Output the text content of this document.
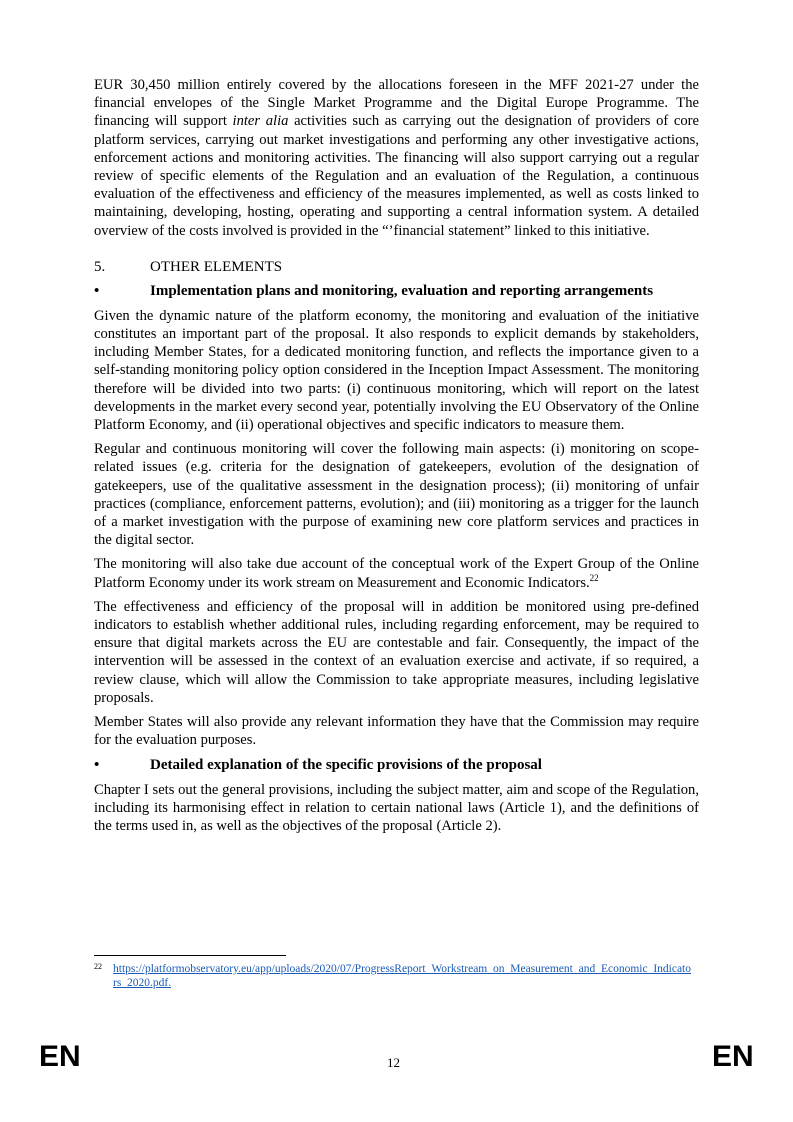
EUR 30,450 million entirely covered by the allocations foreseen in the MFF 2021-27 under the financial envelopes of the Single Market Programme and the Digital Europe Programme. The financing will support inter alia activities such as carrying out the designation of providers of core platform services, carrying out market investigations and performing any other investigative actions, enforcement actions and monitoring activities. The financing will also support carrying out a regular review of specific elements of the Regulation and an evaluation of the Regulation, a continuous evaluation of the effectiveness and efficiency of the measures implemented, as well as costs linked to maintaining, developing, hosting, operating and supporting a central information system. A detailed overview of the costs involved is provided in the “’financial statement” linked to this initiative.

5.	OTHER ELEMENTS
•	Implementation plans and monitoring, evaluation and reporting arrangements

Given the dynamic nature of the platform economy, the monitoring and evaluation of the initiative constitutes an important part of the proposal. It also responds to explicit demands by stakeholders, including Member States, for a dedicated monitoring function, and reflects the importance given to a self-standing monitoring policy option considered in the Inception Impact Assessment. The monitoring therefore will be divided into two parts: (i) continuous monitoring, which will report on the latest developments in the market every second year, potentially involving the EU Observatory of the Online Platform Economy, and (ii) operational objectives and specific indicators to measure them.

Regular and continuous monitoring will cover the following main aspects: (i) monitoring on scope-related issues (e.g. criteria for the designation of gatekeepers, evolution of the designation of gatekeepers, use of the qualitative assessment in the designation process); (ii) monitoring of unfair practices (compliance, enforcement patterns, evolution); and (iii) monitoring as a trigger for the launch of a market investigation with the purpose of examining new core platform services and practices in the digital sector.

The monitoring will also take due account of the conceptual work of the Expert Group of the Online Platform Economy under its work stream on Measurement and Economic Indicators.$^{22}$

The effectiveness and efficiency of the proposal will in addition be monitored using pre-defined indicators to establish whether additional rules, including regarding enforcement, may be required to ensure that digital markets across the EU are contestable and fair. Consequently, the impact of the intervention will be assessed in the context of an evaluation exercise and activate, if so required, a review clause, which will allow the Commission to take appropriate measures, including legislative proposals.

Member States will also provide any relevant information they have that the Commission may require for the evaluation purposes.

•	Detailed explanation of the specific provisions of the proposal

Chapter I sets out the general provisions, including the subject matter, aim and scope of the Regulation, including its harmonising effect in relation to certain national laws (Article 1), and the definitions of the terms used in, as well as the objectives of the proposal (Article 2).

22 https://platformobservatory.eu/app/uploads/2020/07/ProgressReport_Workstream_on_Measurement_and_Economic_Indicators_2020.pdf.
EN	12	EN
